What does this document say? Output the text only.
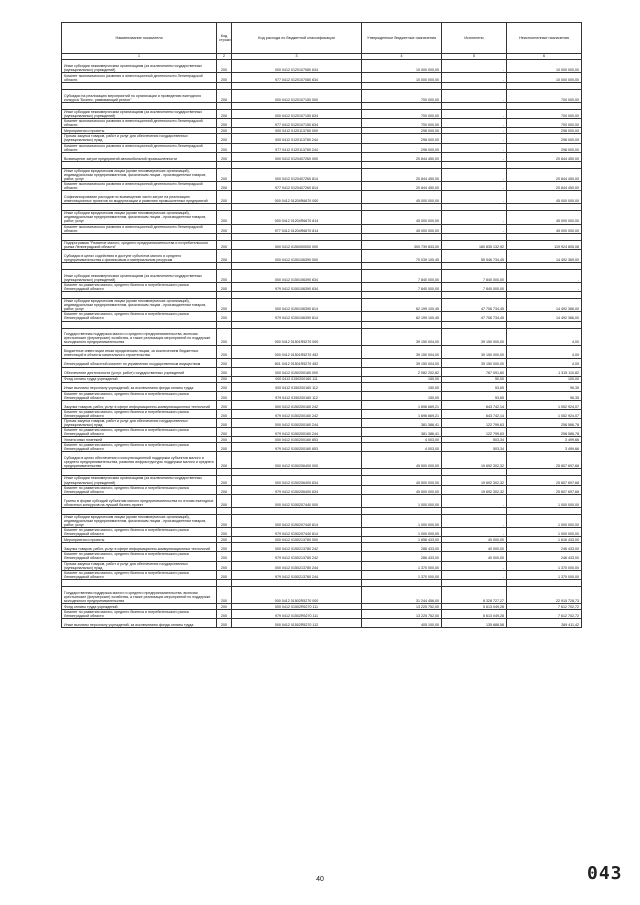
Наименование показателя	Код строки	Код расхода по бюджетной классификации	Утвержденные бюджетные назначения	Исполнено	Неисполненные назначения
1	2	3	4	5	6
Иные субсидии некоммерческим организациям (за исключением государственных (муниципальных) учреждений)	200	000 0412 0120107080 634	10 000 000,00	-	10 000 000,00
Комитет экономического развития и инвестиционной деятельности Ленинградской области	200	977 0412 0120107080 634	10 000 000,00	-	10 000 000,00

Субсидии на реализацию мероприятий по организации и проведению ежегодного конкурса "Бизнес, развивающий регион"	200	000 0412 0120107150 000	700 000,00	-	700 000,00

Иные субсидии некоммерческим организациям (за исключением государственных (муниципальных) учреждений)	200	000 0412 0120107150 634	700 000,00	-	700 000,00
Комитет экономического развития и инвестиционной деятельности Ленинградской области	200	977 0412 0120107150 634	700 000,00	-	700 000,00
Мероприятия и проекты	200	000 0412 0120113780 000	298 000,00	-	298 000,00
Прочая закупка товаров, работ и услуг для обеспечения государственных (муниципальных) нужд	200	000 0412 0120113780 244	298 000,00	-	298 000,00
Комитет экономического развития и инвестиционной деятельности Ленинградской области	200	977 0412 0120113780 244	298 000,00	-	298 000,00
Возмещение затрат предприятий автомобильной промышленности	200	000 0412 0120407260 000	20 844 450,00	-	20 844 450,00

Иные субсидии юридическим лицам (кроме некоммерческих организаций), индивидуальным предпринимателям, физическим лицам - производителям товаров, работ, услуг	200	000 0412 0120407260 814	20 844 450,00	-	20 844 450,00
Комитет экономического развития и инвестиционной деятельности Ленинградской области	200	977 0412 0120407260 814	20 844 450,00	-	20 844 450,00
Софинансирование расходов по возмещению части затрат на реализацию инвестиционных проектов по модернизации и развитию промышленных предприятий	200	000 0412 01204R6670 000	45 000 000,00	-	45 000 000,00

Иные субсидии юридическим лицам (кроме некоммерческих организаций), индивидуальным предпринимателям, физическим лицам - производителям товаров, работ, услуг	200	000 0412 01204R6670 814	45 000 000,00	-	45 000 000,00
Комитет экономического развития и инвестиционной деятельности Ленинградской области	200	977 0412 01204R6670 814	45 000 000,00	-	45 000 000,00

Подпрограмма "Развитие малого, среднего предпринимательства и потребительского рынка Ленинградской области"	200	000 0412 0150000000 000	300 739 833,00	180 835 132,92	119 924 805,08
Субсидии в целях содействия в доступе субъектов малого и среднего предпринимательства к финансовым и материальным ресурсам	200	000 0412 0150106390 000	70 039 100,45	55 546 734,45	14 492 369,00

Иные субсидии некоммерческим организациям (за исключением государственных (муниципальных) учреждений)	200	000 0412 0150106390 634	7 840 000,00	7 840 000,00	-
Комитет по развитию малого, среднего бизнеса и потребительского рынка Ленинградской области	200	979 0412 0150106390 634	7 840 000,00	7 840 000,00	-

Иные субсидии юридическим лицам (кроме некоммерческих организаций), индивидуальным предпринимателям, физическим лицам - производителям товаров, работ, услуг	200	000 0412 0150106390 814	62 199 100,45	47 706 734,45	14 492 366,00
Комитет по развитию малого, среднего бизнеса и потребительского рынка Ленинградской области	200	979 0412 0150106390 814	62 199 100,45	47 706 734,45	14 492 366,00

Государственная поддержка малого и среднего предпринимательства, включая крестьянские (фермерские) хозяйства, а также реализация мероприятий по поддержке молодежного предпринимательства	200	000 0412 01501R5270 000	39 150 004,00	39 150 000,00	4,00
Бюджетные инвестиции иным юридическим лицам, за исключением бюджетных инвестиций в объекты капитального строительства	200	000 0412 01501R5270 452	39 150 004,00	39 150 000,00	4,00
Ленинградский областной комитет по управлению государственным имуществом	200	801 0412 01501R5270 452	39 150 004,00	39 150 000,00	4,00
Обеспечение деятельности (услуг, работ) государственных учреждений	200	000 0412 0150200160 000	2 082 202,82	767 091,60	1 315 110,82
Фонд оплаты труда учреждений	200	000 0412 0150200160 111	150,00	50,00	100,00
Иные выплаты персоналу учреждений, за исключением фонда оплаты труда	200	000 0412 0150200160 112	150,00	53,65	96,35
Комитет по развитию малого, среднего бизнеса и потребительского рынка Ленинградской области	200	979 0412 0150200160 112	150,00	53,65	96,35
Закупка товаров, работ, услуг в сфере информационно-коммуникационных технологий	200	000 0412 0150200160 242	1 696 669,21	643 742,14	1 052 924,07
Комитет по развитию малого, среднего бизнеса и потребительского рынка Ленинградской области	200	979 0412 0150200160 242	1 696 669,21	643 742,14	1 052 924,07
Прочая закупка товаров, работ и услуг для обеспечения государственных (муниципальных) нужд	200	000 0412 0150200160 244	381 386,41	122 799,63	258 586,78
Комитет по развитию малого, среднего бизнеса и потребительского рынка Ленинградской области	200	979 0412 0150200160 244	381 386,41	122 799,63	258 586,78
Уплата иных платежей	200	000 0412 0150200160 853	4 003,00	503,34	3 499,66
Комитет по развитию малого, среднего бизнеса и потребительского рынка Ленинградской области	200	979 0412 0150200160 853	4 003,00	503,34	3 499,66
Субсидии в целях обеспечения и консультационной поддержки субъектов малого и среднего предпринимательства, развития инфраструктуры поддержки малого и среднего предпринимательства	200	000 0412 0150206400 000	45 500 000,00	19 692 302,32	25 807 697,68

Иные субсидии некоммерческим организациям (за исключением государственных (муниципальных) учреждений)	200	000 0412 0150206400 634	45 500 000,00	19 692 302,32	25 807 697,68
Комитет по развитию малого, среднего бизнеса и потребительского рынка Ленинградской области	200	979 0412 0150206400 634	45 500 000,00	19 692 302,32	25 807 697,68
Гранты в форме субсидий субъектам малого предпринимательства по итогам ежегодных областных конкурсов на лучший бизнес-проект	200	000 0412 0150207440 000	1 000 000,00	-	1 000 000,00

Иные субсидии юридическим лицам (кроме некоммерческих организаций), индивидуальным предпринимателям, физическим лицам - производителям товаров, работ, услуг	200	000 0412 0150207440 814	1 000 000,00	-	1 000 000,00
Комитет по развитию малого, среднего бизнеса и потребительского рынка Ленинградской области	200	979 0412 0150207440 814	1 000 000,00	-	1 000 000,00
Мероприятия и проекты	200	000 0412 0150213780 000	1 656 433,00	40 000,00	1 616 433,00
Закупка товаров, работ, услуг в сфере информационно-коммуникационных технологий	200	000 0412 0150213780 242	286 433,00	40 000,00	246 433,00
Комитет по развитию малого, среднего бизнеса и потребительского рынка Ленинградской области	200	979 0412 0150213780 242	286 433,00	40 000,00	246 433,00
Прочая закупка товаров, работ и услуг для обеспечения государственных (муниципальных) нужд	200	000 0412 0150213780 244	1 370 000,00	-	1 370 000,00
Комитет по развитию малого, среднего бизнеса и потребительского рынка Ленинградской области	200	979 0412 0150213780 244	1 370 000,00	-	1 370 000,00

Государственная поддержка малого и среднего предпринимательства, включая крестьянские (фермерские) хозяйства, а также реализация мероприятий по поддержке молодежного предпринимательства	200	000 0412 01502R5270 000	31 244 456,00	8 328 727,27	22 915 728,73
Фонд оплаты труда учреждений	200	000 0412 01502R5270 111	13 225 752,00	5 613 049,28	7 612 702,72
Комитет по развитию малого, среднего бизнеса и потребительского рынка Ленинградской области	200	979 0412 01502R5270 111	13 225 752,00	5 613 049,28	7 612 702,72
Иные выплаты персоналу учреждений, за исключением фонда оплаты труда	200	000 0412 01502R5270 112	405 100,00	135 688,58	269 411,42
40	043
